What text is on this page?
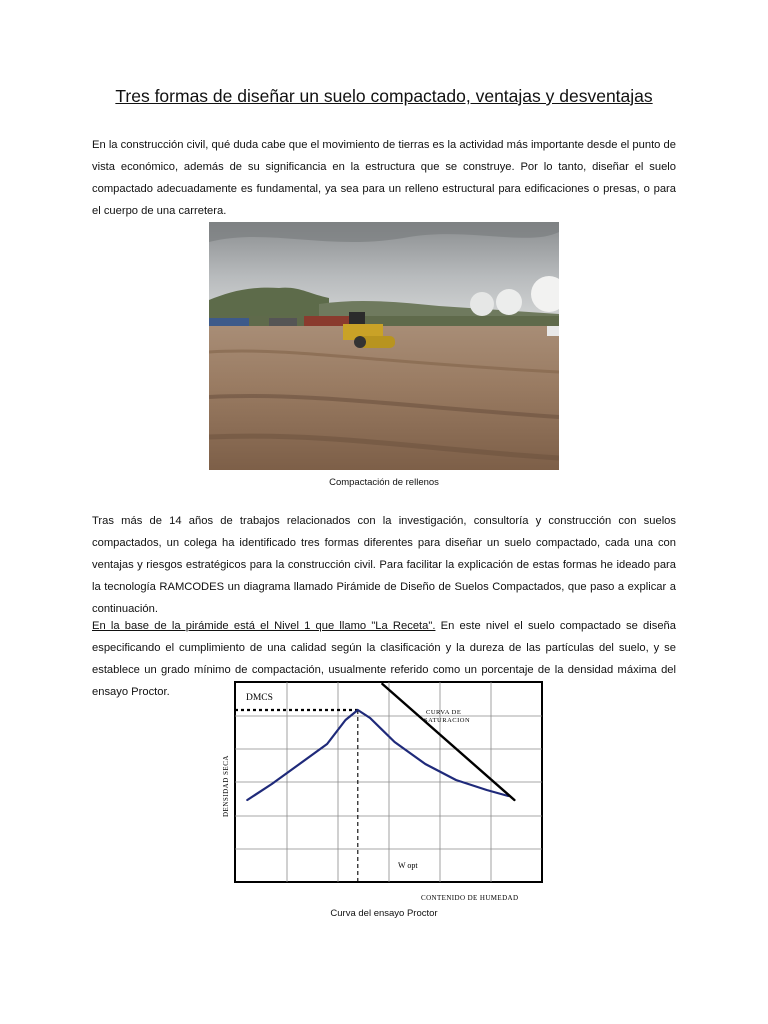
Tres formas de diseñar un suelo compactado, ventajas y desventajas
En la construcción civil, qué duda cabe que el movimiento de tierras es la actividad más importante desde el punto de vista económico, además de su significancia en la estructura que se construye. Por lo tanto, diseñar el suelo compactado adecuadamente es fundamental, ya sea para un relleno estructural para edificaciones o presas, o para el cuerpo de una carretera.
Compactación de rellenos
Tras más de 14 años de trabajos relacionados con la investigación, consultoría y construcción con suelos compactados, un colega ha identificado tres formas diferentes para diseñar un suelo compactado, cada una con ventajas y riesgos estratégicos para la construcción civil. Para facilitar la explicación de estas formas he ideado para la tecnología RAMCODES un diagrama llamado Pirámide de Diseño de Suelos Compactados, que paso a explicar a continuación.
En la base de la pirámide está el Nivel 1 que llamo "La Receta". En este nivel el suelo compactado se diseña especificando el cumplimiento de una calidad según la clasificación y la dureza de las partículas del suelo, y se establece un grado mínimo de compactación, usualmente referido como un porcentaje de la densidad máxima del ensayo Proctor.	DMCS
W opt
CURVA DE
SATURACION
DENSIDAD SECA
CONTENIDO DE HUMEDAD
Curva del ensayo Proctor
